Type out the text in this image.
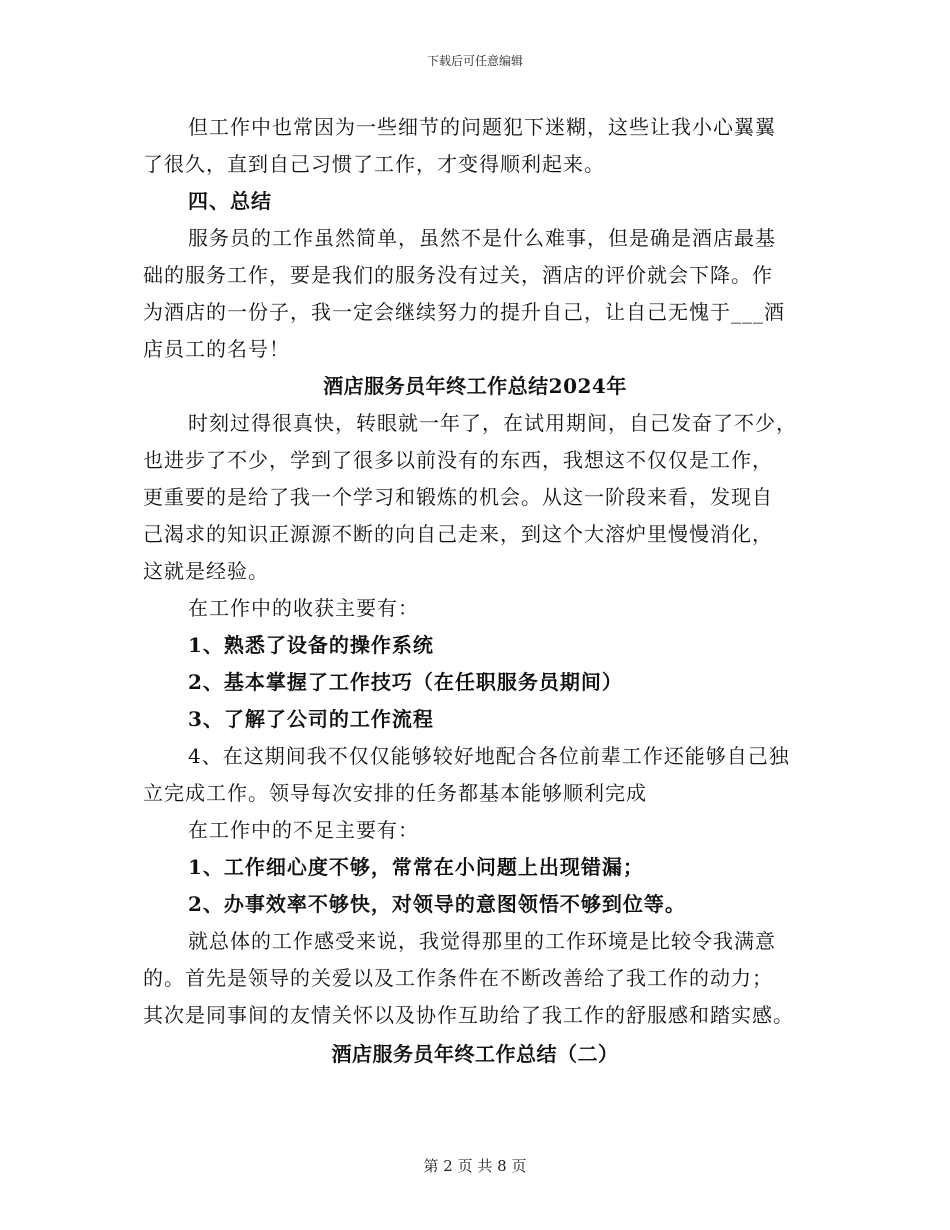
下载后可任意编辑
但工作中也常因为一些细节的问题犯下迷糊，这些让我小心翼翼
了很久，直到自己习惯了工作，才变得顺利起来。
四、总结
服务员的工作虽然简单，虽然不是什么难事，但是确是酒店最基
础的服务工作，要是我们的服务没有过关，酒店的评价就会下降。作
为酒店的一份子，我一定会继续努力的提升自己，让自己无愧于___酒
店员工的名号！
酒店服务员年终工作总结2024年
时刻过得很真快，转眼就一年了，在试用期间，自己发奋了不少，
也进步了不少，学到了很多以前没有的东西，我想这不仅仅是工作，
更重要的是给了我一个学习和锻炼的机会。从这一阶段来看，发现自
己渴求的知识正源源不断的向自己走来，到这个大溶炉里慢慢消化，
这就是经验。
在工作中的收获主要有：
1、熟悉了设备的操作系统
2、基本掌握了工作技巧（在任职服务员期间）
3、了解了公司的工作流程
4、在这期间我不仅仅能够较好地配合各位前辈工作还能够自己独
立完成工作。领导每次安排的任务都基本能够顺利完成
在工作中的不足主要有：
1、工作细心度不够，常常在小问题上出现错漏；
2、办事效率不够快，对领导的意图领悟不够到位等。
就总体的工作感受来说，我觉得那里的工作环境是比较令我满意
的。首先是领导的关爱以及工作条件在不断改善给了我工作的动力；
其次是同事间的友情关怀以及协作互助给了我工作的舒服感和踏实感。
酒店服务员年终工作总结（二）
第 2 页 共 8 页
